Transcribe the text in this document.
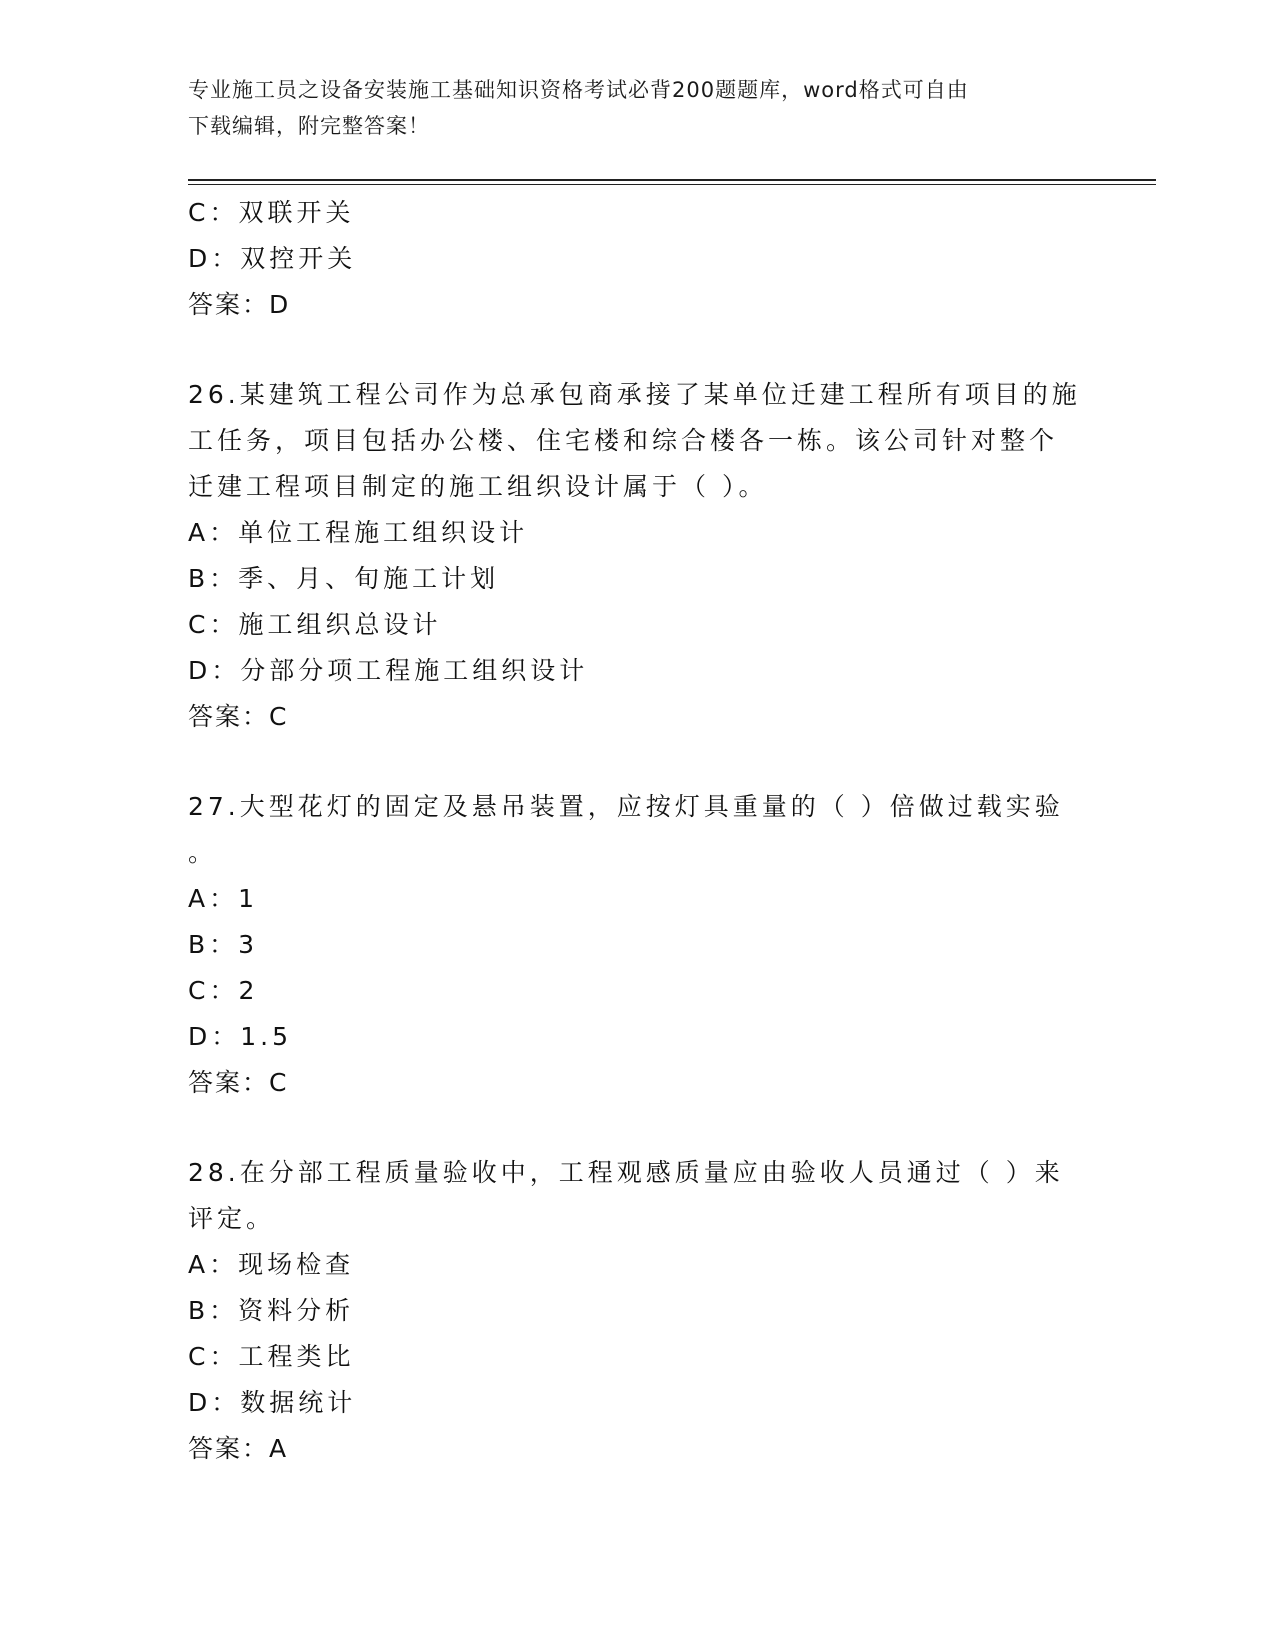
专业施工员之设备安装施工基础知识资格考试必背200题题库，word格式可自由
下载编辑，附完整答案！
C：双联开关
D：双控开关
答案：D
26.某建筑工程公司作为总承包商承接了某单位迁建工程所有项目的施
工任务，项目包括办公楼、住宅楼和综合楼各一栋。该公司针对整个
迁建工程项目制定的施工组织设计属于（ ）。
A：单位工程施工组织设计
B：季、月、旬施工计划
C：施工组织总设计
D：分部分项工程施工组织设计
答案：C
27.大型花灯的固定及悬吊装置，应按灯具重量的（ ）倍做过载实验
。
A：1
B：3
C：2
D：1.5
答案：C
28.在分部工程质量验收中，工程观感质量应由验收人员通过（ ）来
评定。
A：现场检查
B：资料分析
C：工程类比
D：数据统计
答案：A
